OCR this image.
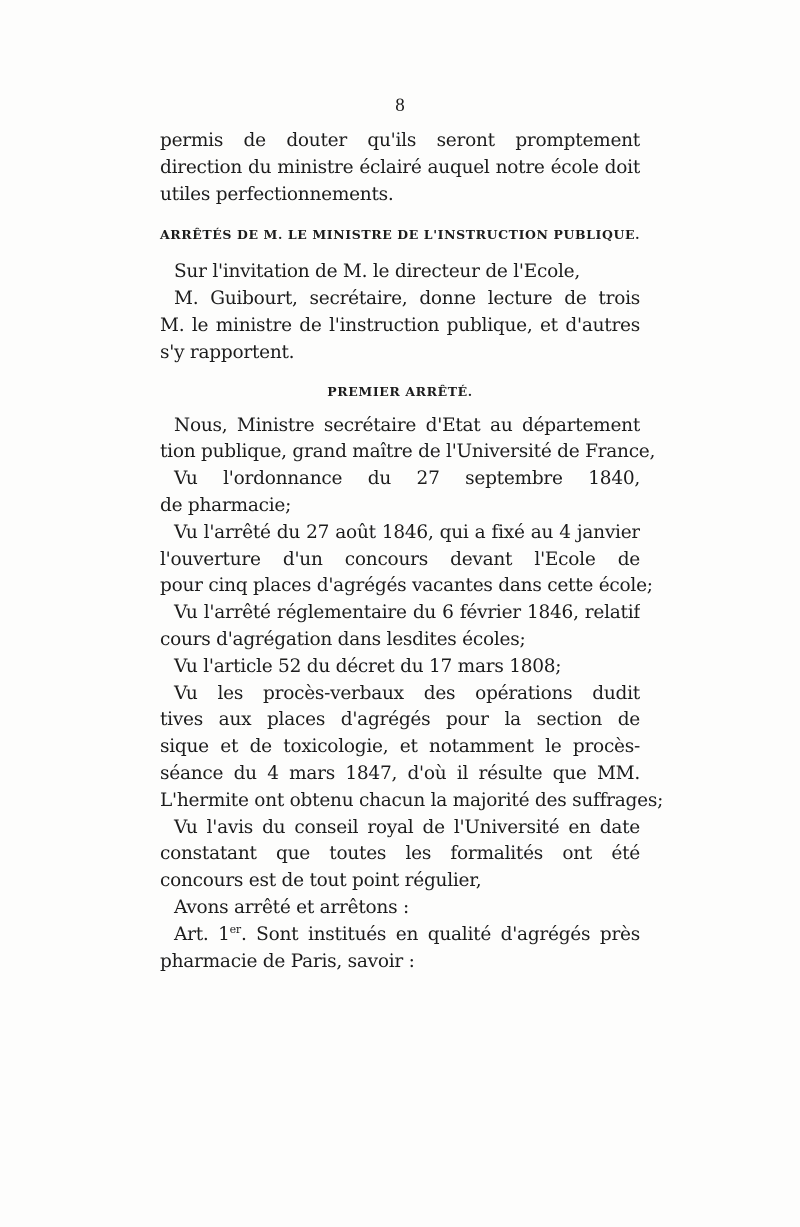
8
permis de douter qu'ils seront promptement
direction du ministre éclairé auquel notre école doit
utiles perfectionnements.
ARRÊTÉS DE M. LE MINISTRE DE L'INSTRUCTION PUBLIQUE.
Sur l'invitation de M. le directeur de l'Ecole,
M. Guibourt, secrétaire, donne lecture de trois
M. le ministre de l'instruction publique, et d'autres
s'y rapportent.
PREMIER ARRÊTÉ.
Nous, Ministre secrétaire d'Etat au département
tion publique, grand maître de l'Université de France,
Vu l'ordonnance du 27 septembre 1840,
de pharmacie;
Vu l'arrêté du 27 août 1846, qui a fixé au 4 janvier
l'ouverture d'un concours devant l'Ecole de
pour cinq places d'agrégés vacantes dans cette école;
Vu l'arrêté réglementaire du 6 février 1846, relatif
cours d'agrégation dans lesdites écoles;
Vu l'article 52 du décret du 17 mars 1808;
Vu les procès-verbaux des opérations dudit
tives aux places d'agrégés pour la section de
sique et de toxicologie, et notamment le procès-
séance du 4 mars 1847, d'où il résulte que MM.
L'hermite ont obtenu chacun la majorité des suffrages;
Vu l'avis du conseil royal de l'Université en date
constatant que toutes les formalités ont été
concours est de tout point régulier,
Avons arrêté et arrêtons :
Art. 1er. Sont institués en qualité d'agrégés près
pharmacie de Paris, savoir :
